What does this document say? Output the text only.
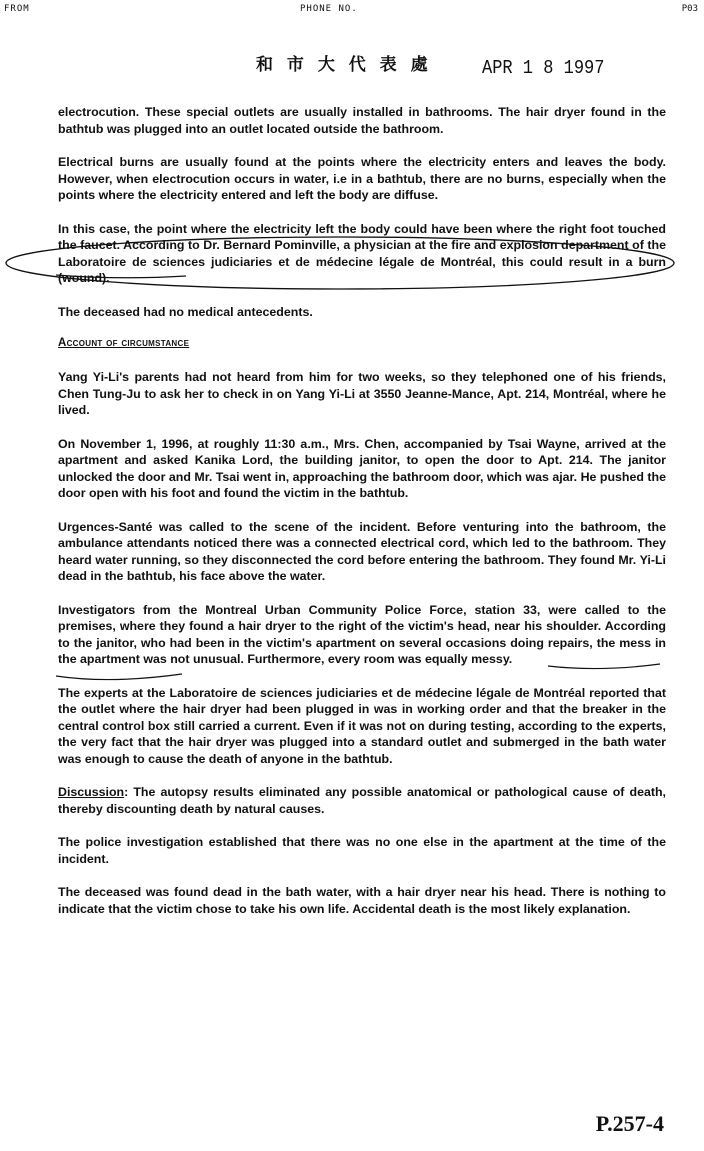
FROM	PHONE NO.	P03
和 市 大 代 表 處	APR 1 8 1997

electrocution. These special outlets are usually installed in bathrooms. The hair dryer found in the bathtub was plugged into an outlet located outside the bathroom.

Electrical burns are usually found at the points where the electricity enters and leaves the body. However, when electrocution occurs in water, i.e in a bathtub, there are no burns, especially when the points where the electricity entered and left the body are diffuse.

In this case, the point where the electricity left the body could have been where the right foot touched the faucet. According to Dr. Bernard Pominville, a physician at the fire and explosion department of the Laboratoire de sciences judiciaries et de médecine légale de Montréal, this could result in a burn (wound).

The deceased had no medical antecedents.

Account of circumstance

Yang Yi-Li's parents had not heard from him for two weeks, so they telephoned one of his friends, Chen Tung-Ju to ask her to check in on Yang Yi-Li at 3550 Jeanne-Mance, Apt. 214, Montréal, where he lived.

On November 1, 1996, at roughly 11:30 a.m., Mrs. Chen, accompanied by Tsai Wayne, arrived at the apartment and asked Kanika Lord, the building janitor, to open the door to Apt. 214. The janitor unlocked the door and Mr. Tsai went in, approaching the bathroom door, which was ajar. He pushed the door open with his foot and found the victim in the bathtub.

Urgences-Santé was called to the scene of the incident. Before venturing into the bathroom, the ambulance attendants noticed there was a connected electrical cord, which led to the bathroom. They heard water running, so they disconnected the cord before entering the bathroom. They found Mr. Yi-Li dead in the bathtub, his face above the water.

Investigators from the Montreal Urban Community Police Force, station 33, were called to the premises, where they found a hair dryer to the right of the victim's head, near his shoulder. According to the janitor, who had been in the victim's apartment on several occasions doing repairs, the mess in the apartment was not unusual. Furthermore, every room was equally messy.

The experts at the Laboratoire de sciences judiciaries et de médecine légale de Montréal reported that the outlet where the hair dryer had been plugged in was in working order and that the breaker in the central control box still carried a current. Even if it was not on during testing, according to the experts, the very fact that the hair dryer was plugged into a standard outlet and submerged in the bath water was enough to cause the death of anyone in the bathtub.

Discussion: The autopsy results eliminated any possible anatomical or pathological cause of death, thereby discounting death by natural causes.

The police investigation established that there was no one else in the apartment at the time of the incident.

The deceased was found dead in the bath water, with a hair dryer near his head. There is nothing to indicate that the victim chose to take his own life. Accidental death is the most likely explanation.

P.257-4
